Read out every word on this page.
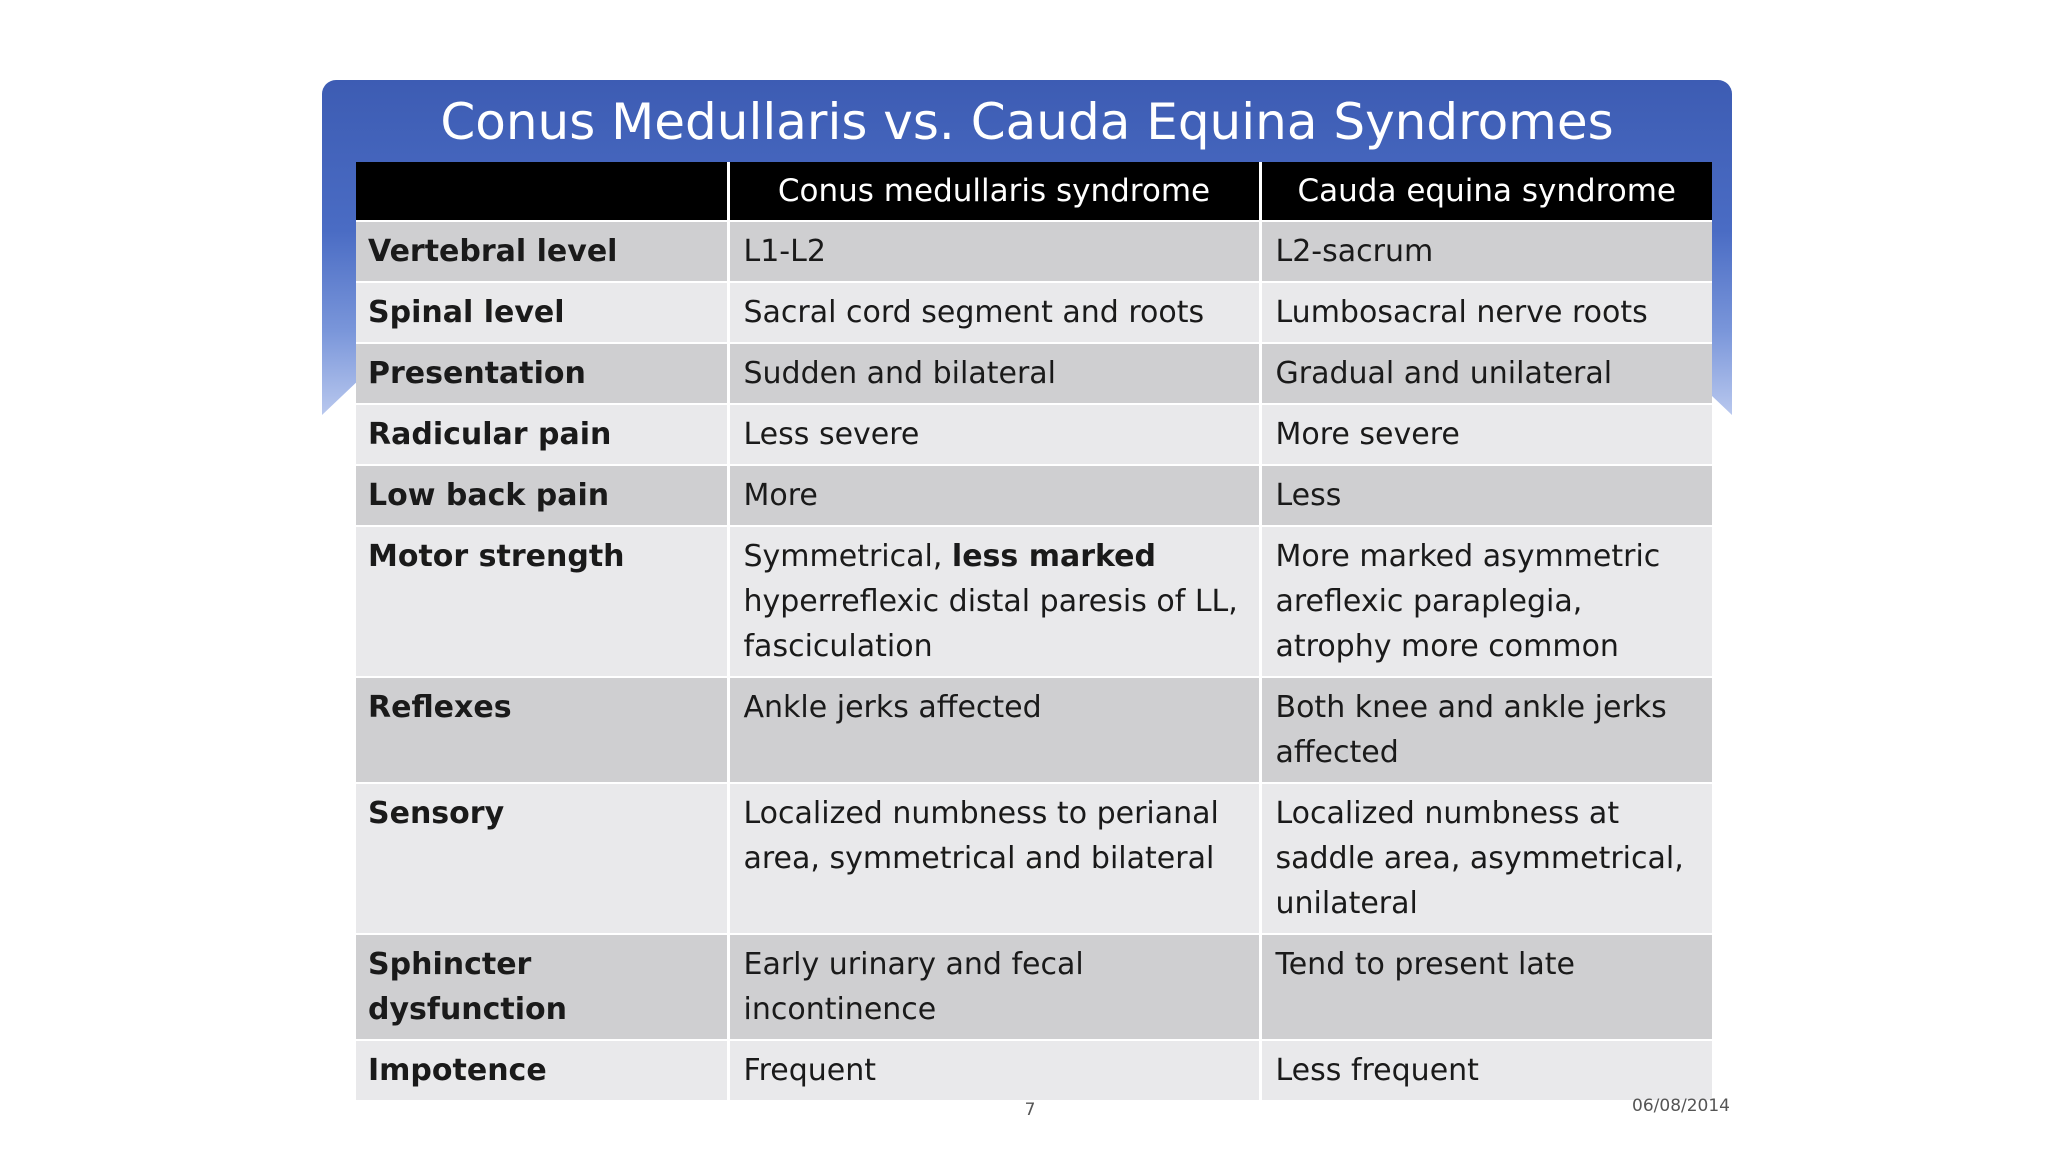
Conus Medullaris vs. Cauda Equina Syndromes
	Conus medullaris syndrome	Cauda equina syndrome
Vertebral level	L1-L2	L2-sacrum
Spinal level	Sacral cord segment and roots	Lumbosacral nerve roots
Presentation	Sudden and bilateral	Gradual and unilateral
Radicular pain	Less severe	More severe
Low back pain	More	Less
Motor strength	Symmetrical, less marked hyperreflexic distal paresis of LL, fasciculation	More marked asymmetric areflexic paraplegia, atrophy more common
Reflexes	Ankle jerks affected	Both knee and ankle jerks affected
Sensory	Localized numbness to perianal area, symmetrical and bilateral	Localized numbness at saddle area, asymmetrical, unilateral
Sphincter dysfunction	Early urinary and fecal incontinence	Tend to present late
Impotence	Frequent	Less frequent
7	06/08/2014
